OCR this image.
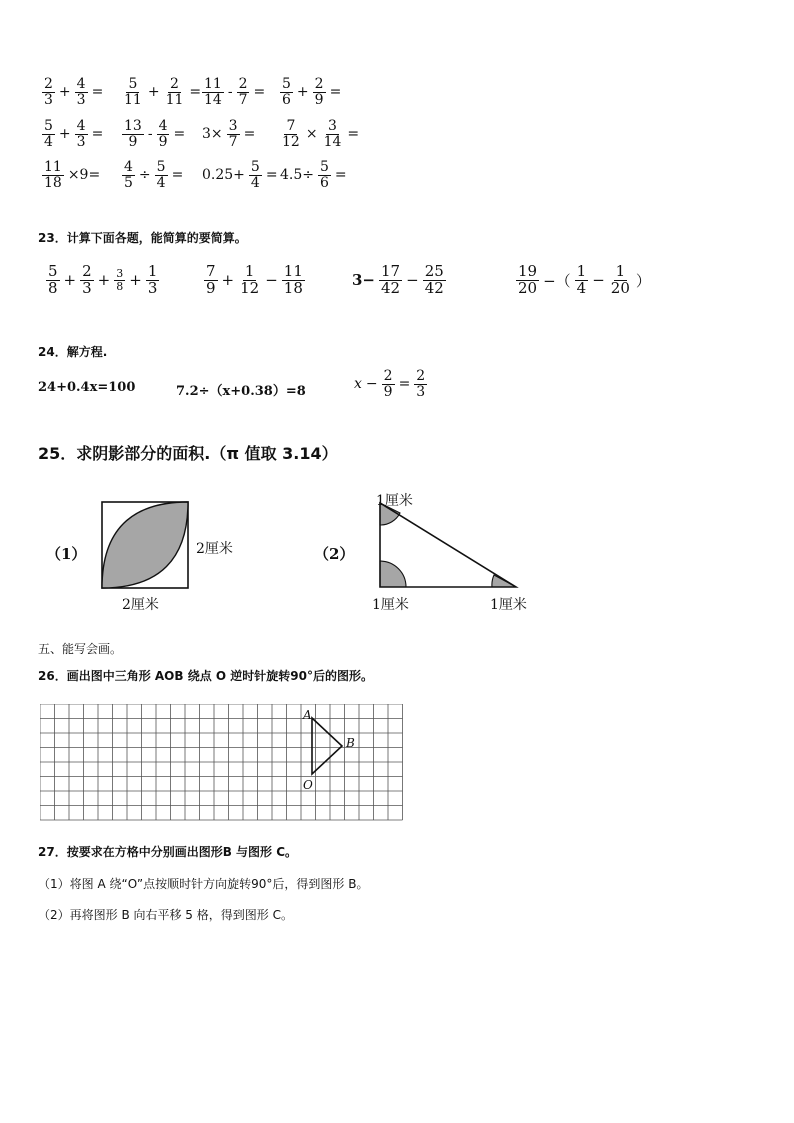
23．计算下面各题，能简算的要简算。
24．解方程.
24+0.4x=100	7.2÷（x+0.38）=8
25．求阴影部分的面积.（π 值取 3.14）
（1）	2厘米
2厘米
（2）
1厘米
1厘米	1厘米
五、能写会画。
26．画出图中三角形 AOB 绕点 O 逆时针旋转90°后的图形。
A
B
O
27．按要求在方格中分别画出图形B 与图形 C。
（1）将图 A 绕“O”点按顺时针方向旋转90°后，得到图形 B。
（2）再将图形 B 向右平移 5 格，得到图形 C。
$\frac{2}{3} + \frac{4}{3} = \frac{5}{11} + \frac{2}{11} = \frac{11}{14} - \frac{2}{7} = \frac{5}{6} + \frac{2}{9}$ =
$\frac{5}{4} + \frac{4}{3} = \frac{13}{9} - \frac{4}{9} = 3\times \frac{3}{7} = \frac{7}{12} \times \frac{3}{14}$ =
$\frac{11}{18} \times 9= \frac{4}{5} \div \frac{5}{4} = 0.25+ \frac{5}{4} = 4.5\div \frac{5}{6}$ =
$\frac{5}{8} + \frac{2}{3} + \frac{3}{8} + \frac{1}{3}$	$\frac{7}{9} + \frac{1}{12} - \frac{11}{18}$	$3- \frac{17}{42} - \frac{25}{42}$	$\frac{19}{20}$ −（ $\frac{1}{4} - \frac{1}{20}$ ）
$x - \frac{2}{9} = \frac{2}{3}$
